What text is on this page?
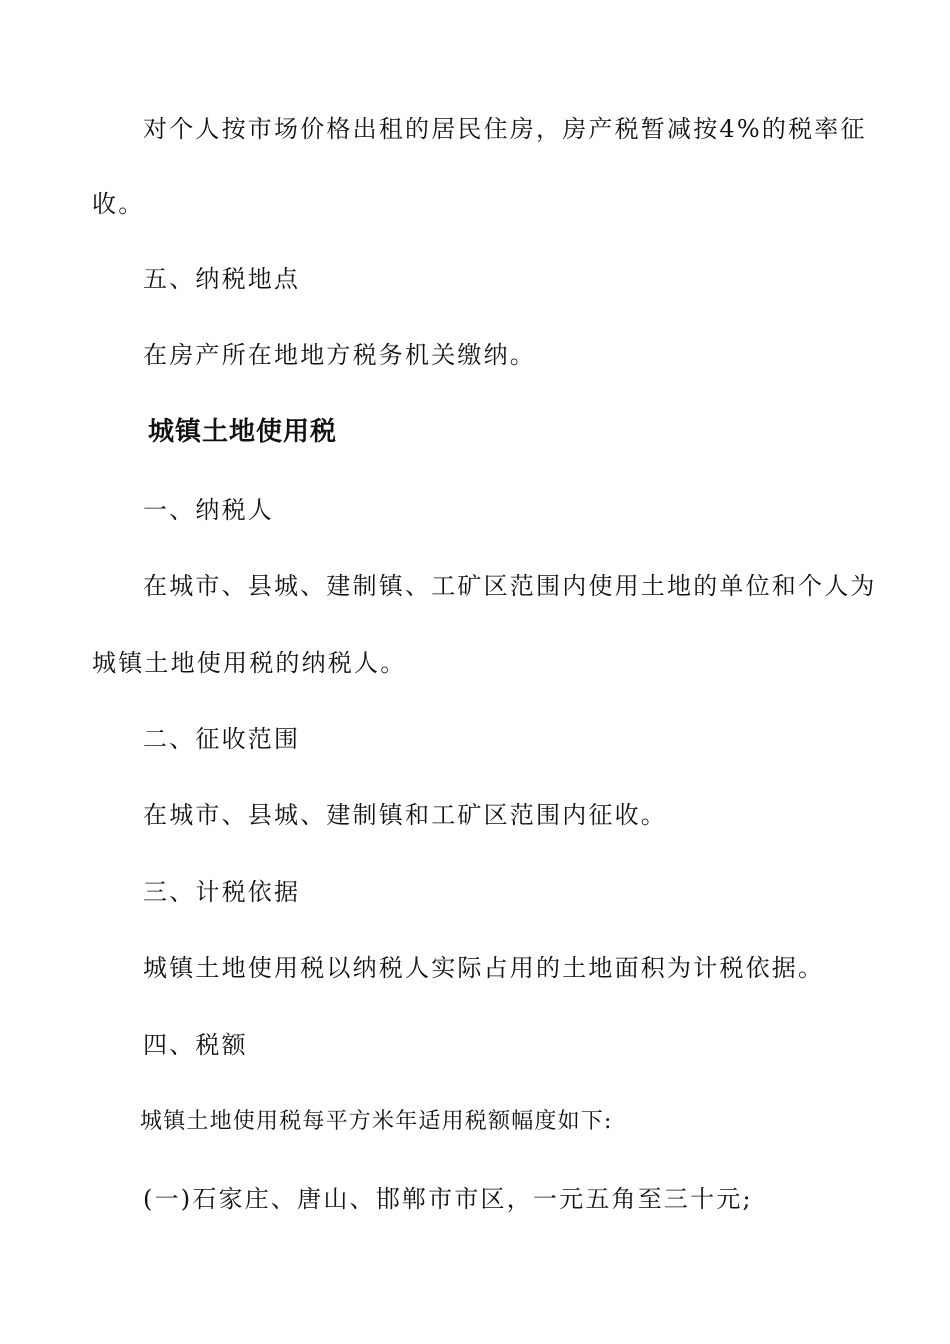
对个人按市场价格出租的居民住房，房产税暂减按4%的税率征
收。
五、纳税地点
在房产所在地地方税务机关缴纳。
城镇土地使用税
一、纳税人
在城市、县城、建制镇、工矿区范围内使用土地的单位和个人为
城镇土地使用税的纳税人。
二、征收范围
在城市、县城、建制镇和工矿区范围内征收。
三、计税依据
城镇土地使用税以纳税人实际占用的土地面积为计税依据。
四、税额
城镇土地使用税每平方米年适用税额幅度如下:
(一)石家庄、唐山、邯郸市市区，一元五角至三十元;
